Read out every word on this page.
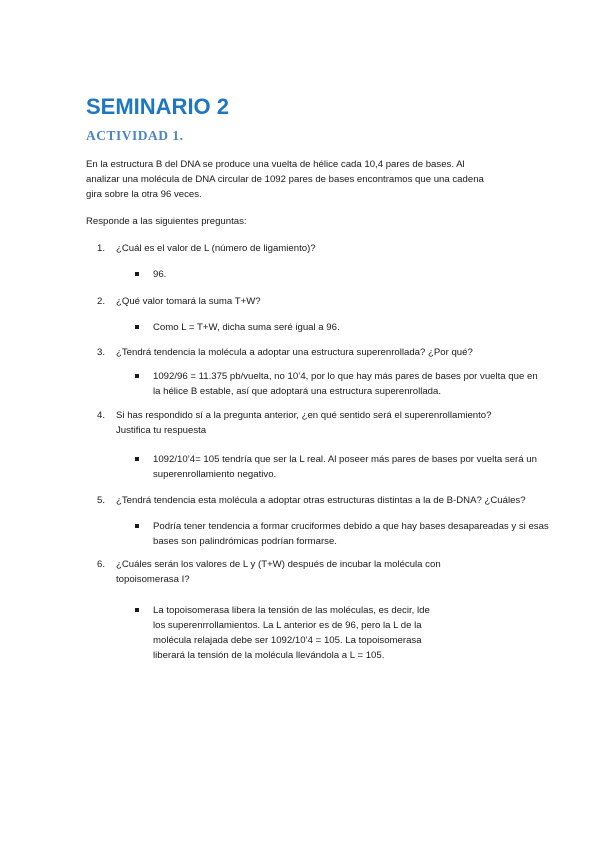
SEMINARIO 2
ACTIVIDAD 1.

En la estructura B del DNA se produce una vuelta de hélice cada 10,4 pares de bases. Al
analizar una molécula de DNA circular de 1092 pares de bases encontramos que una cadena
gira sobre la otra 96 veces.

Responde a las siguientes preguntas:

1.	¿Cuál es el valor de L (número de ligamiento)?
96.
2.	¿Qué valor tomará la suma T+W?
Como L = T+W, dicha suma seré igual a 96.
3.	¿Tendrá tendencia la molécula a adoptar una estructura superenrollada? ¿Por qué?
1092/96 = 11.375 pb/vuelta, no 10’4, por lo que hay más pares de bases por vuelta que en
la hélice B estable, así que adoptará una estructura superenrollada.
4.	Si has respondido sí a la pregunta anterior, ¿en qué sentido será el superenrollamiento?
Justifica tu respuesta
1092/10’4= 105 tendría que ser la L real. Al poseer más pares de bases por vuelta será un
superenrollamiento negativo.
5.	¿Tendrá tendencia esta molécula a adoptar otras estructuras distintas a la de B-DNA? ¿Cuáles?
Podría tener tendencia a formar cruciformes debido a que hay bases desapareadas y si esas
bases son palindrómicas podrían formarse.
6.	¿Cuáles serán los valores de L y (T+W) después de incubar la molécula con
topoisomerasa I?
La topoisomerasa libera la tensión de las moléculas, es decir, lde
los superenrrollamientos. La L anterior es de 96, pero la L de la
molécula relajada debe ser 1092/10’4 = 105. La topoisomerasa
liberará la tensión de la molécula llevándola a L = 105.
